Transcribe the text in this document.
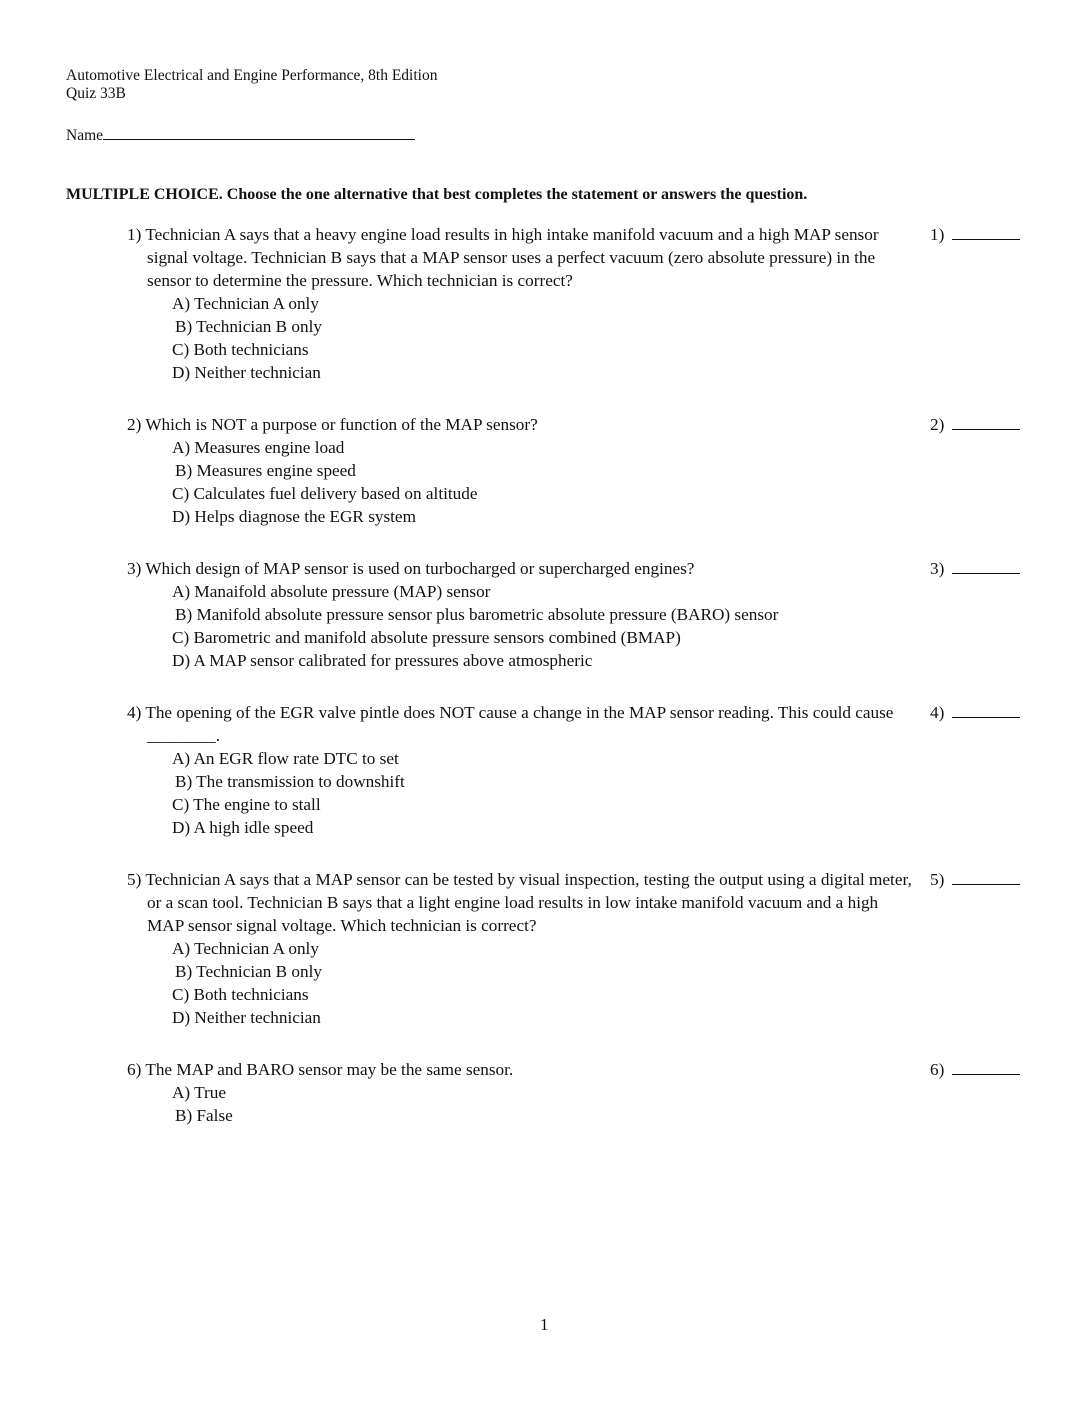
Automotive Electrical and Engine Performance, 8th Edition
Quiz 33B
Name
MULTIPLE CHOICE. Choose the one alternative that best completes the statement or answers the question.
1) Technician A says that a heavy engine load results in high intake manifold vacuum and a high MAP sensor signal voltage. Technician B says that a MAP sensor uses a perfect vacuum (zero absolute pressure) in the sensor to determine the pressure. Which technician is correct?
A) Technician A only
B) Technician B only
C) Both technicians
D) Neither technician
1)
2) Which is NOT a purpose or function of the MAP sensor?
A) Measures engine load
B) Measures engine speed
C) Calculates fuel delivery based on altitude
D) Helps diagnose the EGR system
2)
3) Which design of MAP sensor is used on turbocharged or supercharged engines?
A) Manaifold absolute pressure (MAP) sensor
B) Manifold absolute pressure sensor plus barometric absolute pressure (BARO) sensor
C) Barometric and manifold absolute pressure sensors combined (BMAP)
D) A MAP sensor calibrated for pressures above atmospheric
3)
4) The opening of the EGR valve pintle does NOT cause a change in the MAP sensor reading. This could cause ________.
A) An EGR flow rate DTC to set
B) The transmission to downshift
C) The engine to stall
D) A high idle speed
4)
5) Technician A says that a MAP sensor can be tested by visual inspection, testing the output using a digital meter, or a scan tool. Technician B says that a light engine load results in low intake manifold vacuum and a high MAP sensor signal voltage. Which technician is correct?
A) Technician A only
B) Technician B only
C) Both technicians
D) Neither technician
5)
6) The MAP and BARO sensor may be the same sensor.
A) True
B) False
6)
1
